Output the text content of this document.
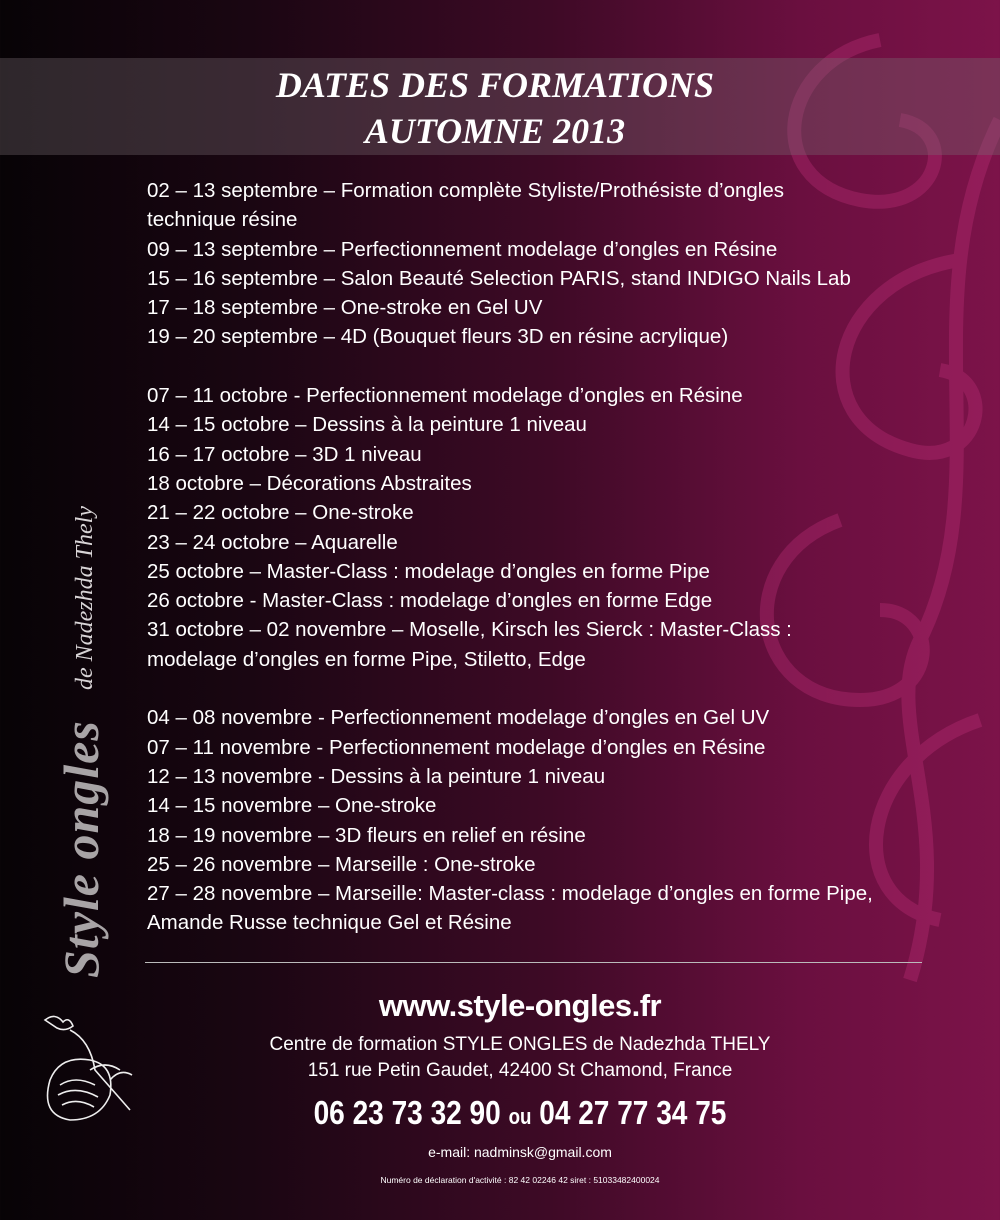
DATES DES FORMATIONS
AUTOMNE 2013
02 – 13 septembre – Formation complète Styliste/Prothésiste d’ongles
technique résine
09 – 13 septembre – Perfectionnement modelage d’ongles en Résine
15 – 16 septembre – Salon Beauté Selection PARIS, stand INDIGO Nails Lab
17 – 18 septembre – One-stroke en Gel UV
19 – 20 septembre – 4D (Bouquet fleurs 3D en résine acrylique)
07 – 11 octobre - Perfectionnement modelage d’ongles en Résine
14 – 15 octobre – Dessins à la peinture 1 niveau
16 – 17 octobre – 3D 1 niveau
18 octobre – Décorations Abstraites
21 – 22 octobre – One-stroke
23 – 24 octobre – Aquarelle
25 octobre – Master-Class : modelage d’ongles en forme Pipe
26 octobre - Master-Class : modelage d’ongles en forme Edge
31 octobre – 02 novembre – Moselle, Kirsch les Sierck : Master-Class :
modelage d’ongles en forme Pipe, Stiletto, Edge
04 – 08 novembre - Perfectionnement modelage d’ongles en Gel UV
07 – 11 novembre - Perfectionnement modelage d’ongles en Résine
12 – 13 novembre - Dessins à la peinture 1 niveau
14 – 15 novembre – One-stroke
18 – 19 novembre – 3D fleurs en relief en résine
25 – 26 novembre – Marseille : One-stroke
27 – 28 novembre – Marseille: Master-class : modelage d’ongles en forme Pipe,
Amande Russe technique Gel et Résine
Style ongles
de Nadezhda Thely
www.style-ongles.fr
Centre de formation STYLE ONGLES de Nadezhda THELY
151 rue Petin Gaudet, 42400 St Chamond, France
06 23 73 32 90 ou 04 27 77 34 75
e-mail: nadminsk@gmail.com
Numéro de déclaration d'activité : 82 42 02246 42 siret : 51033482400024
